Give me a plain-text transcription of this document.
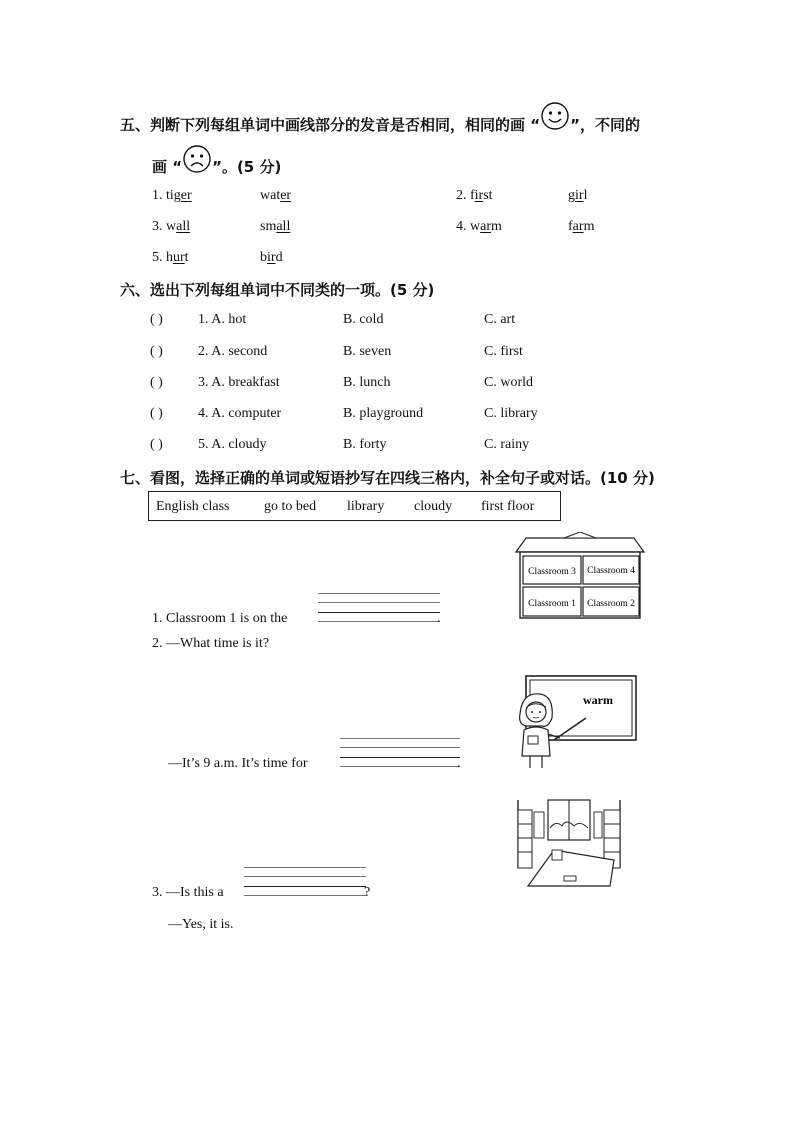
五、判断下列每组单词中画线部分的发音是否相同，相同的画 “ ”，不同的
画 “ ”。(5 分)
1. tiger	water	2. first	girl
3. wall	small	4. warm	farm
5. hurt	bird
六、选出下列每组单词中不同类的一项。(5 分)
( )	1. A. hot	B. cold	C. art
( )	2. A. second	B. seven	C. first
( )	3. A. breakfast	B. lunch	C. world
( )	4. A. computer	B. playground	C. library
( )	5. A. cloudy	B. forty	C. rainy
七、看图，选择正确的单词或短语抄写在四线三格内，补全句子或对话。(10 分)
English class go to bed library cloudy first floor
Classroom 3 Classroom 4
Classroom 1 Classroom 2
1. Classroom 1 is on the	.
2. —What time is it?
warm
—It’s 9 a.m. It’s time for	.
3. —Is this a	?
—Yes, it is.
